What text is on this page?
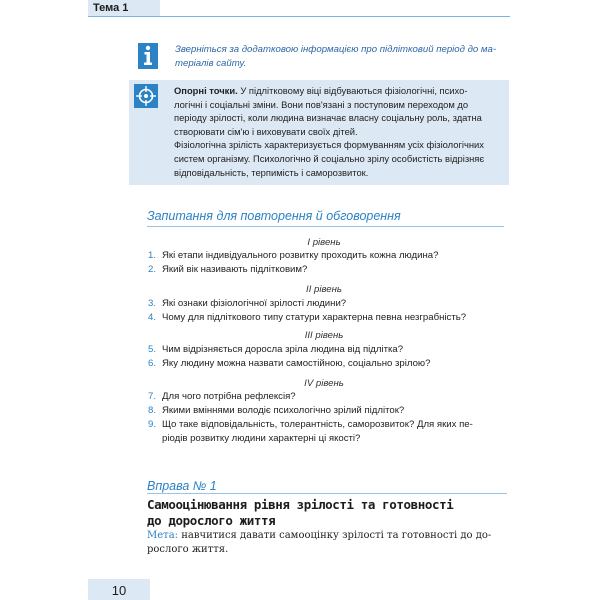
Тема 1
Зверніться за додатковою інформацією про підлітковий період до ма-
теріалів сайту.
Опорні точки. У підлітковому віці відбуваються фізіологічні, психо-
логічні і соціальні зміни. Вони пов'язані з поступовим переходом до
періоду зрілості, коли людина визначає власну соціальну роль, здатна
створювати сім'ю і виховувати своїх дітей.
Фізіологічна зрілість характеризується формуванням усіх фізіологічних
систем організму. Психологічно й соціально зрілу особистість відрізняє
відповідальність, терпимість і саморозвиток.
Запитання для повторення й обговорення
I рівень
1. Які етапи індивідуального розвитку проходить кожна людина?
2. Який вік називають підлітковим?
II рівень
3. Які ознаки фізіологічної зрілості людини?
4. Чому для підліткового типу статури характерна певна незграбність?
III рівень
5. Чим відрізняється доросла зріла людина від підлітка?
6. Яку людину можна назвати самостійною, соціально зрілою?
IV рівень
7. Для чого потрібна рефлексія?
8. Якими вміннями володіє психологічно зрілий підліток?
9. Що таке відповідальність, толерантність, саморозвиток? Для яких пе-
ріодів розвитку людини характерні ці якості?
Вправа № 1
Самооцінювання рівня зрілості та готовності
до дорослого життя
Мета: навчитися давати самооцінку зрілості та готовності до до-
рослого життя.
10
